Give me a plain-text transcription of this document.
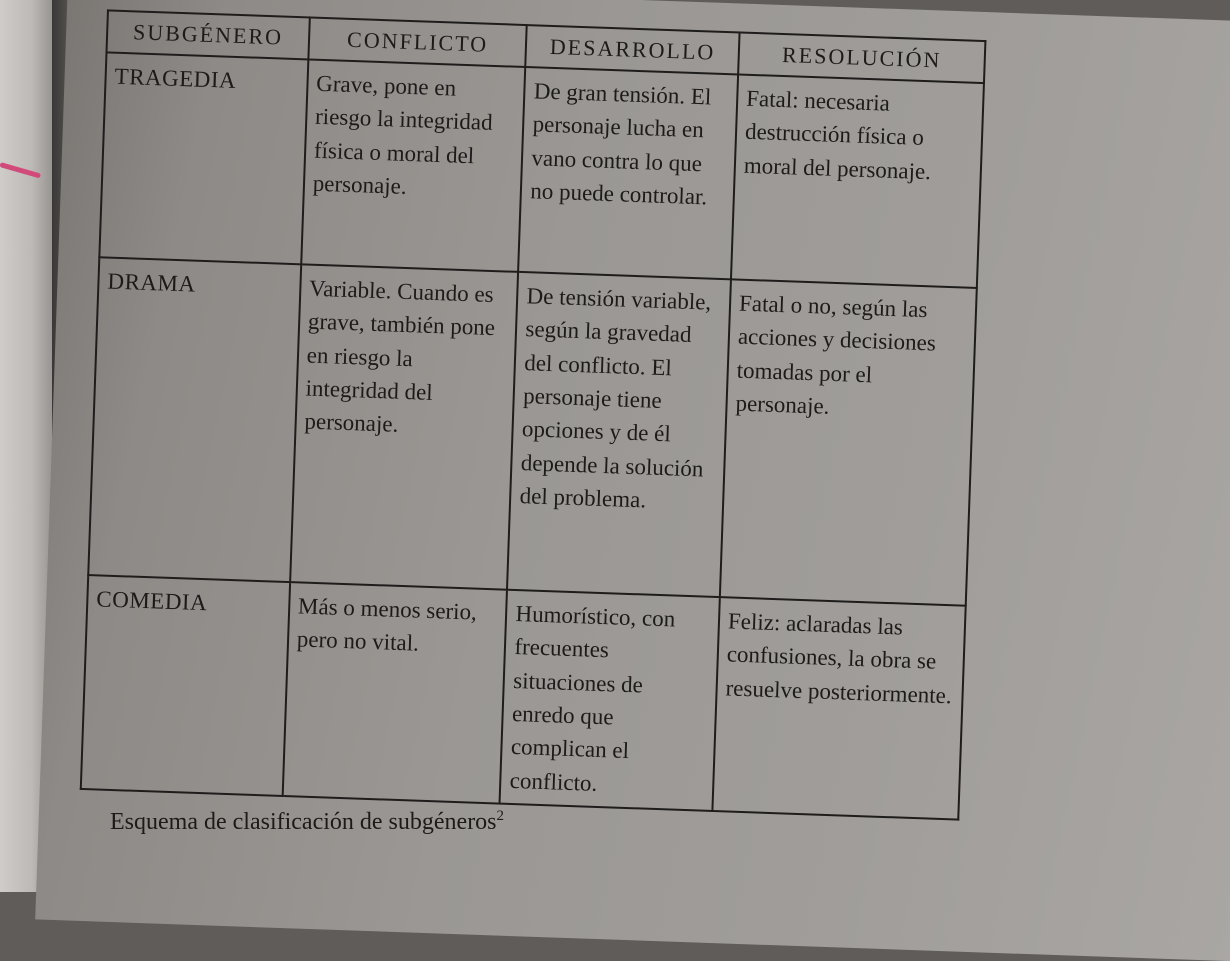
SUBGÉNERO	CONFLICTO	DESARROLLO	RESOLUCIÓN
TRAGEDIA	Grave, pone en riesgo la integridad física o moral del personaje.	De gran tensión. El personaje lucha en vano contra lo que no puede controlar.	Fatal: necesaria destrucción física o moral del personaje.
DRAMA	Variable. Cuando es grave, también pone en riesgo la integridad del personaje.	De tensión variable, según la gravedad del conflicto. El personaje tiene opciones y de él depende la solución del problema.	Fatal o no, según las acciones y decisiones tomadas por el personaje.
COMEDIA	Más o menos serio, pero no vital.	Humorístico, con frecuentes situaciones de enredo que complican el conflicto.	Feliz: aclaradas las confusiones, la obra se resuelve posteriormente.
Esquema de clasificación de subgéneros$^2$
